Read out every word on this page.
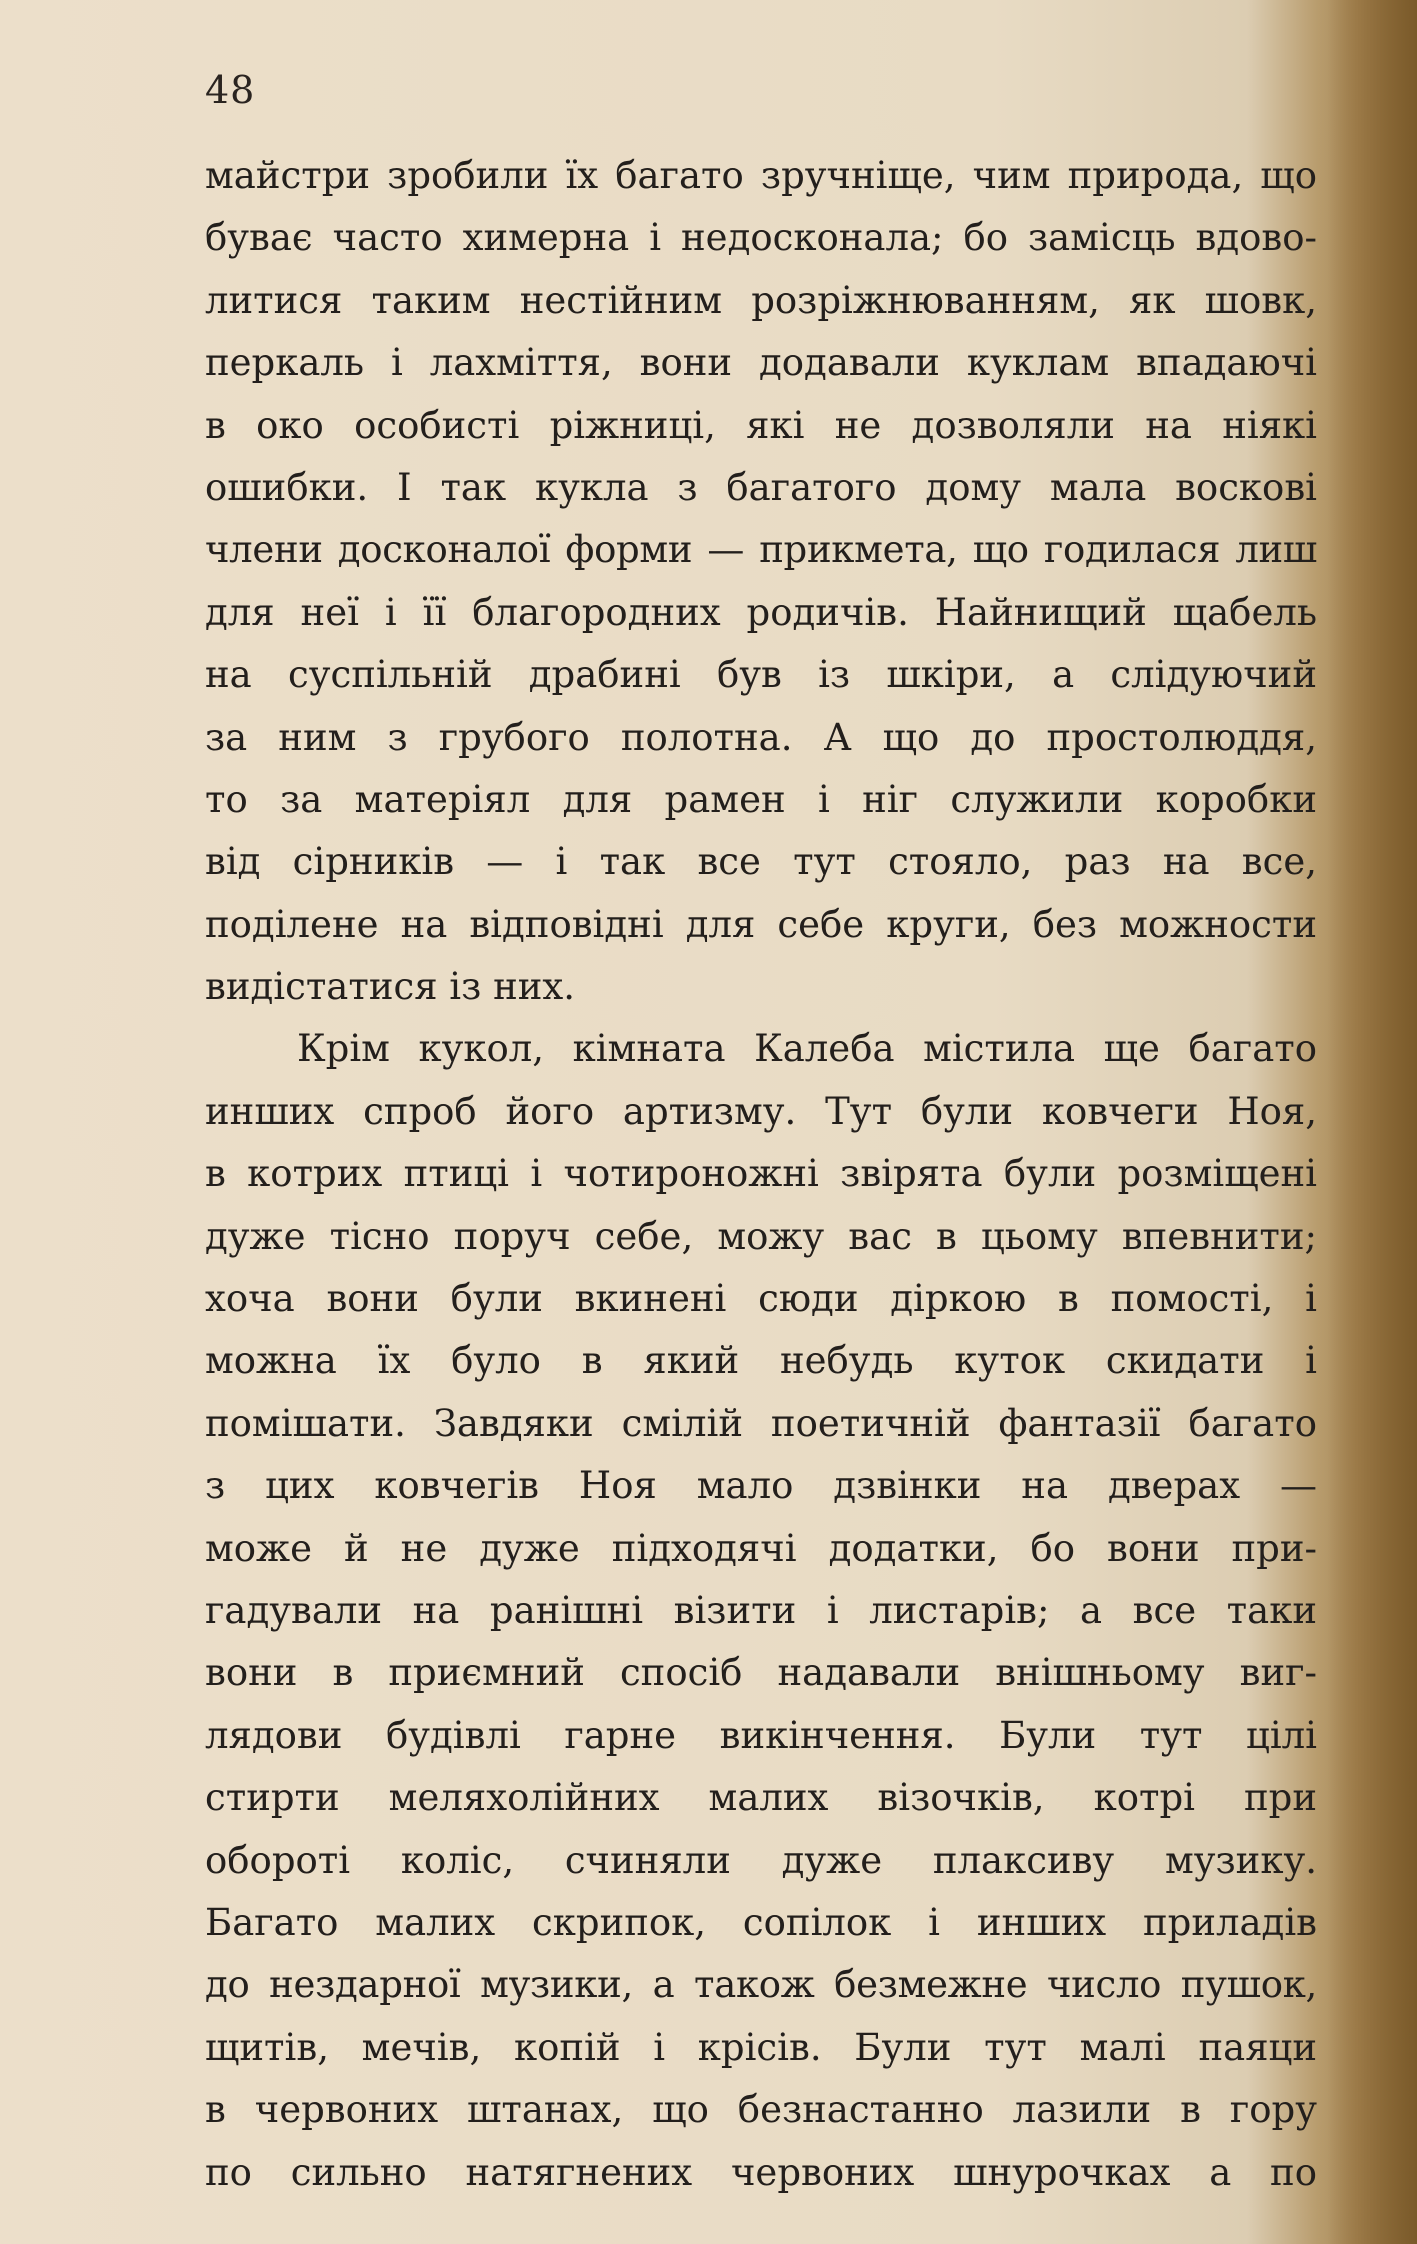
48
майстри зробили їх багато зручніще, чим природа, що
буває часто химерна і недосконала; бо замісць вдово-
литися таким нестійним розріжнюванням, як шовк,
перкаль і лахміття, вони додавали куклам впадаючі
в око особисті ріжниці, які не дозволяли на ніякі
ошибки. І так кукла з багатого дому мала воскові
члени досконалої форми — прикмета, що годилася лиш
для неї і її благородних родичів. Найнищий щабель
на суспільній драбині був із шкіри, а слідуючий
за ним з грубого полотна. А що до простолюддя,
то за матеріял для рамен і ніг служили коробки
від сірників — і так все тут стояло, раз на все,
поділене на відповідні для себе круги, без можности
видістатися із них.
Крім кукол, кімната Калеба містила ще багато
инших спроб його артизму. Тут були ковчеги Ноя,
в котрих птиці і чотироножні звірята були розміщені
дуже тісно поруч себе, можу вас в цьому впевнити;
хоча вони були вкинені сюди діркою в помості, і
можна їх було в який небудь куток скидати і
помішати. Завдяки смілій поетичній фантазії багато
з цих ковчегів Ноя мало дзвінки на дверах —
може й не дуже підходячі додатки, бо вони при-
гадували на ранішні візити і листарів; а все таки
вони в приємний спосіб надавали внішньому виг-
лядови будівлі гарне викінчення. Були тут цілі
стирти меляхолійних малих візочків, котрі при
обороті коліс, счиняли дуже плаксиву музику.
Багато малих скрипок, сопілок і инших приладів
до нездарної музики, а також безмежне число пушок,
щитів, мечів, копій і крісів. Були тут малі паяци
в червоних штанах, що безнастанно лазили в гору
по сильно натягнених червоних шнурочках а по
